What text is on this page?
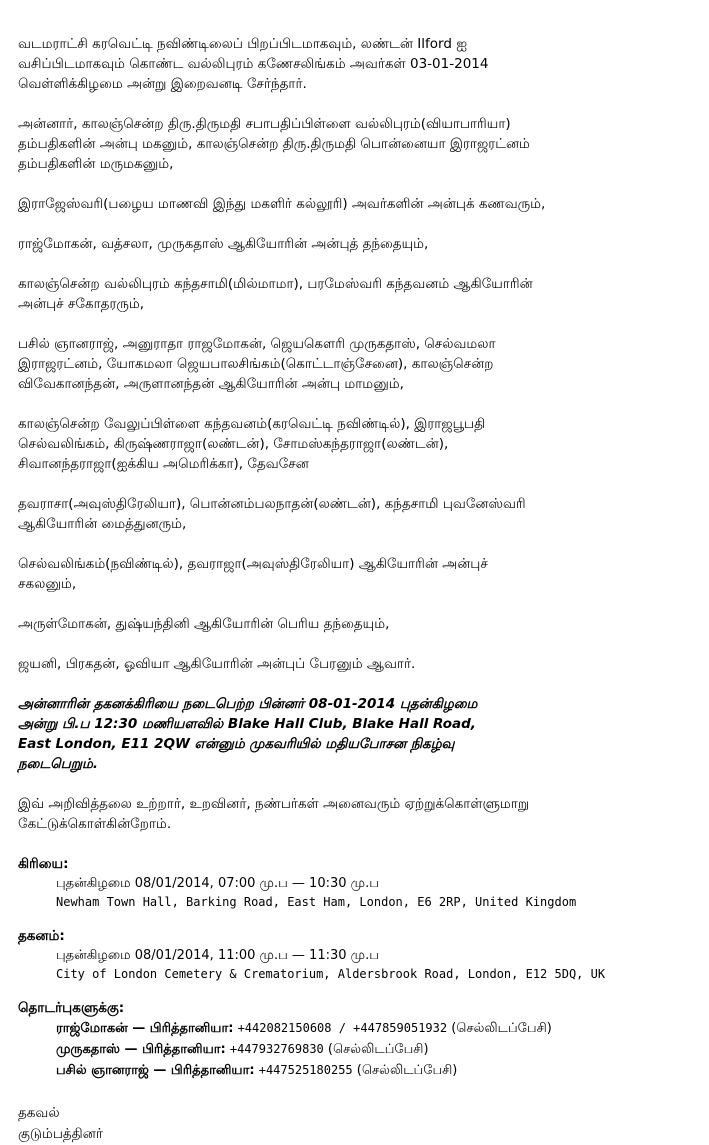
வடமராட்சி கரவெட்டி நவிண்டிலைப் பிறப்பிடமாகவும், லண்டன் Ilford ஐ
வசிப்பிடமாகவும் கொண்ட வல்லிபுரம் கணேசலிங்கம் அவர்கள் 03-01-2014
வெள்ளிக்கிழமை அன்று இறைவனடி சேர்ந்தார்.
அன்னார், காலஞ்சென்ற திரு.திருமதி சபாபதிப்பிள்ளை வல்லிபுரம்(வியாபாரியா)
தம்பதிகளின் அன்பு மகனும், காலஞ்சென்ற திரு.திருமதி பொன்னையா இராஜரட்னம்
தம்பதிகளின் மருமகனும்,
இராஜேஸ்வரி(பழைய மாணவி இந்து மகளிர் கல்லூரி) அவர்களின் அன்புக் கணவரும்,
ராஜ்மோகன், வத்சலா, முருகதாஸ் ஆகியோரின் அன்புத் தந்தையும்,
காலஞ்சென்ற வல்லிபுரம் கந்தசாமி(மில்மாமா), பரமேஸ்வரி கந்தவனம் ஆகியோரின்
அன்புச் சகோதரரும்,
பசில் ஞானராஜ், அனுராதா ராஜமோகன், ஜெயகௌரி முருகதாஸ், செல்வமலா
இராஜரட்னம், யோகமலா ஜெயபாலசிங்கம்(கொட்டாஞ்சேனை), காலஞ்சென்ற
விவேகானந்தன், அருளானந்தன் ஆகியோரின் அன்பு மாமனும்,
காலஞ்சென்ற வேலுப்பிள்ளை கந்தவனம்(கரவெட்டி நவிண்டில்), இராஜபூபதி
செல்வலிங்கம், கிருஷ்ணராஜா(லண்டன்), சோமஸ்கந்தராஜா(லண்டன்),
சிவானந்தராஜா(ஐக்கிய அமெரிக்கா), தேவசேன
தவராசா(அவுஸ்திரேலியா), பொன்னம்பலநாதன்(லண்டன்), கந்தசாமி புவனேஸ்வரி
ஆகியோரின் மைத்துனரும்,
செல்வலிங்கம்(நவிண்டில்), தவராஜா(அவுஸ்திரேலியா) ஆகியோரின் அன்புச்
சகலனும்,
அருள்மோகன், துஷ்யந்தினி ஆகியோரின் பெரிய தந்தையும்,
ஜயனி, பிரகதன், ஓவியா ஆகியோரின் அன்புப் பேரனும் ஆவார்.
அன்னாரின் தகனக்கிரியை நடைபெற்ற பின்னர் 08-01-2014 புதன்கிழமை
அன்று பி.ப 12:30 மணியளவில் Blake Hall Club, Blake Hall Road,
East London, E11 2QW என்னும் முகவரியில் மதியபோசன நிகழ்வு
நடைபெறும்.
இவ் அறிவித்தலை உற்றார், உறவினர், நண்பர்கள் அனைவரும் ஏற்றுக்கொள்ளுமாறு
கேட்டுக்கொள்கின்றோம்.
கிரியை:
புதன்கிழமை 08/01/2014, 07:00 மு.ப — 10:30 மு.ப
Newham Town Hall, Barking Road, East Ham, London, E6 2RP, United Kingdom
தகனம்:
புதன்கிழமை 08/01/2014, 11:00 மு.ப — 11:30 மு.ப
City of London Cemetery & Crematorium, Aldersbrook Road, London, E12 5DQ, UK
தொடர்புகளுக்கு:
ராஜ்மோகன் — பிரித்தானியா: +442082150608 / +447859051932 (செல்லிடப்பேசி)
முருகதாஸ் — பிரித்தானியா: +447932769830 (செல்லிடப்பேசி)
பசில் ஞானராஜ் — பிரித்தானியா: +447525180255 (செல்லிடப்பேசி)
தகவல்
குடும்பத்தினர்
